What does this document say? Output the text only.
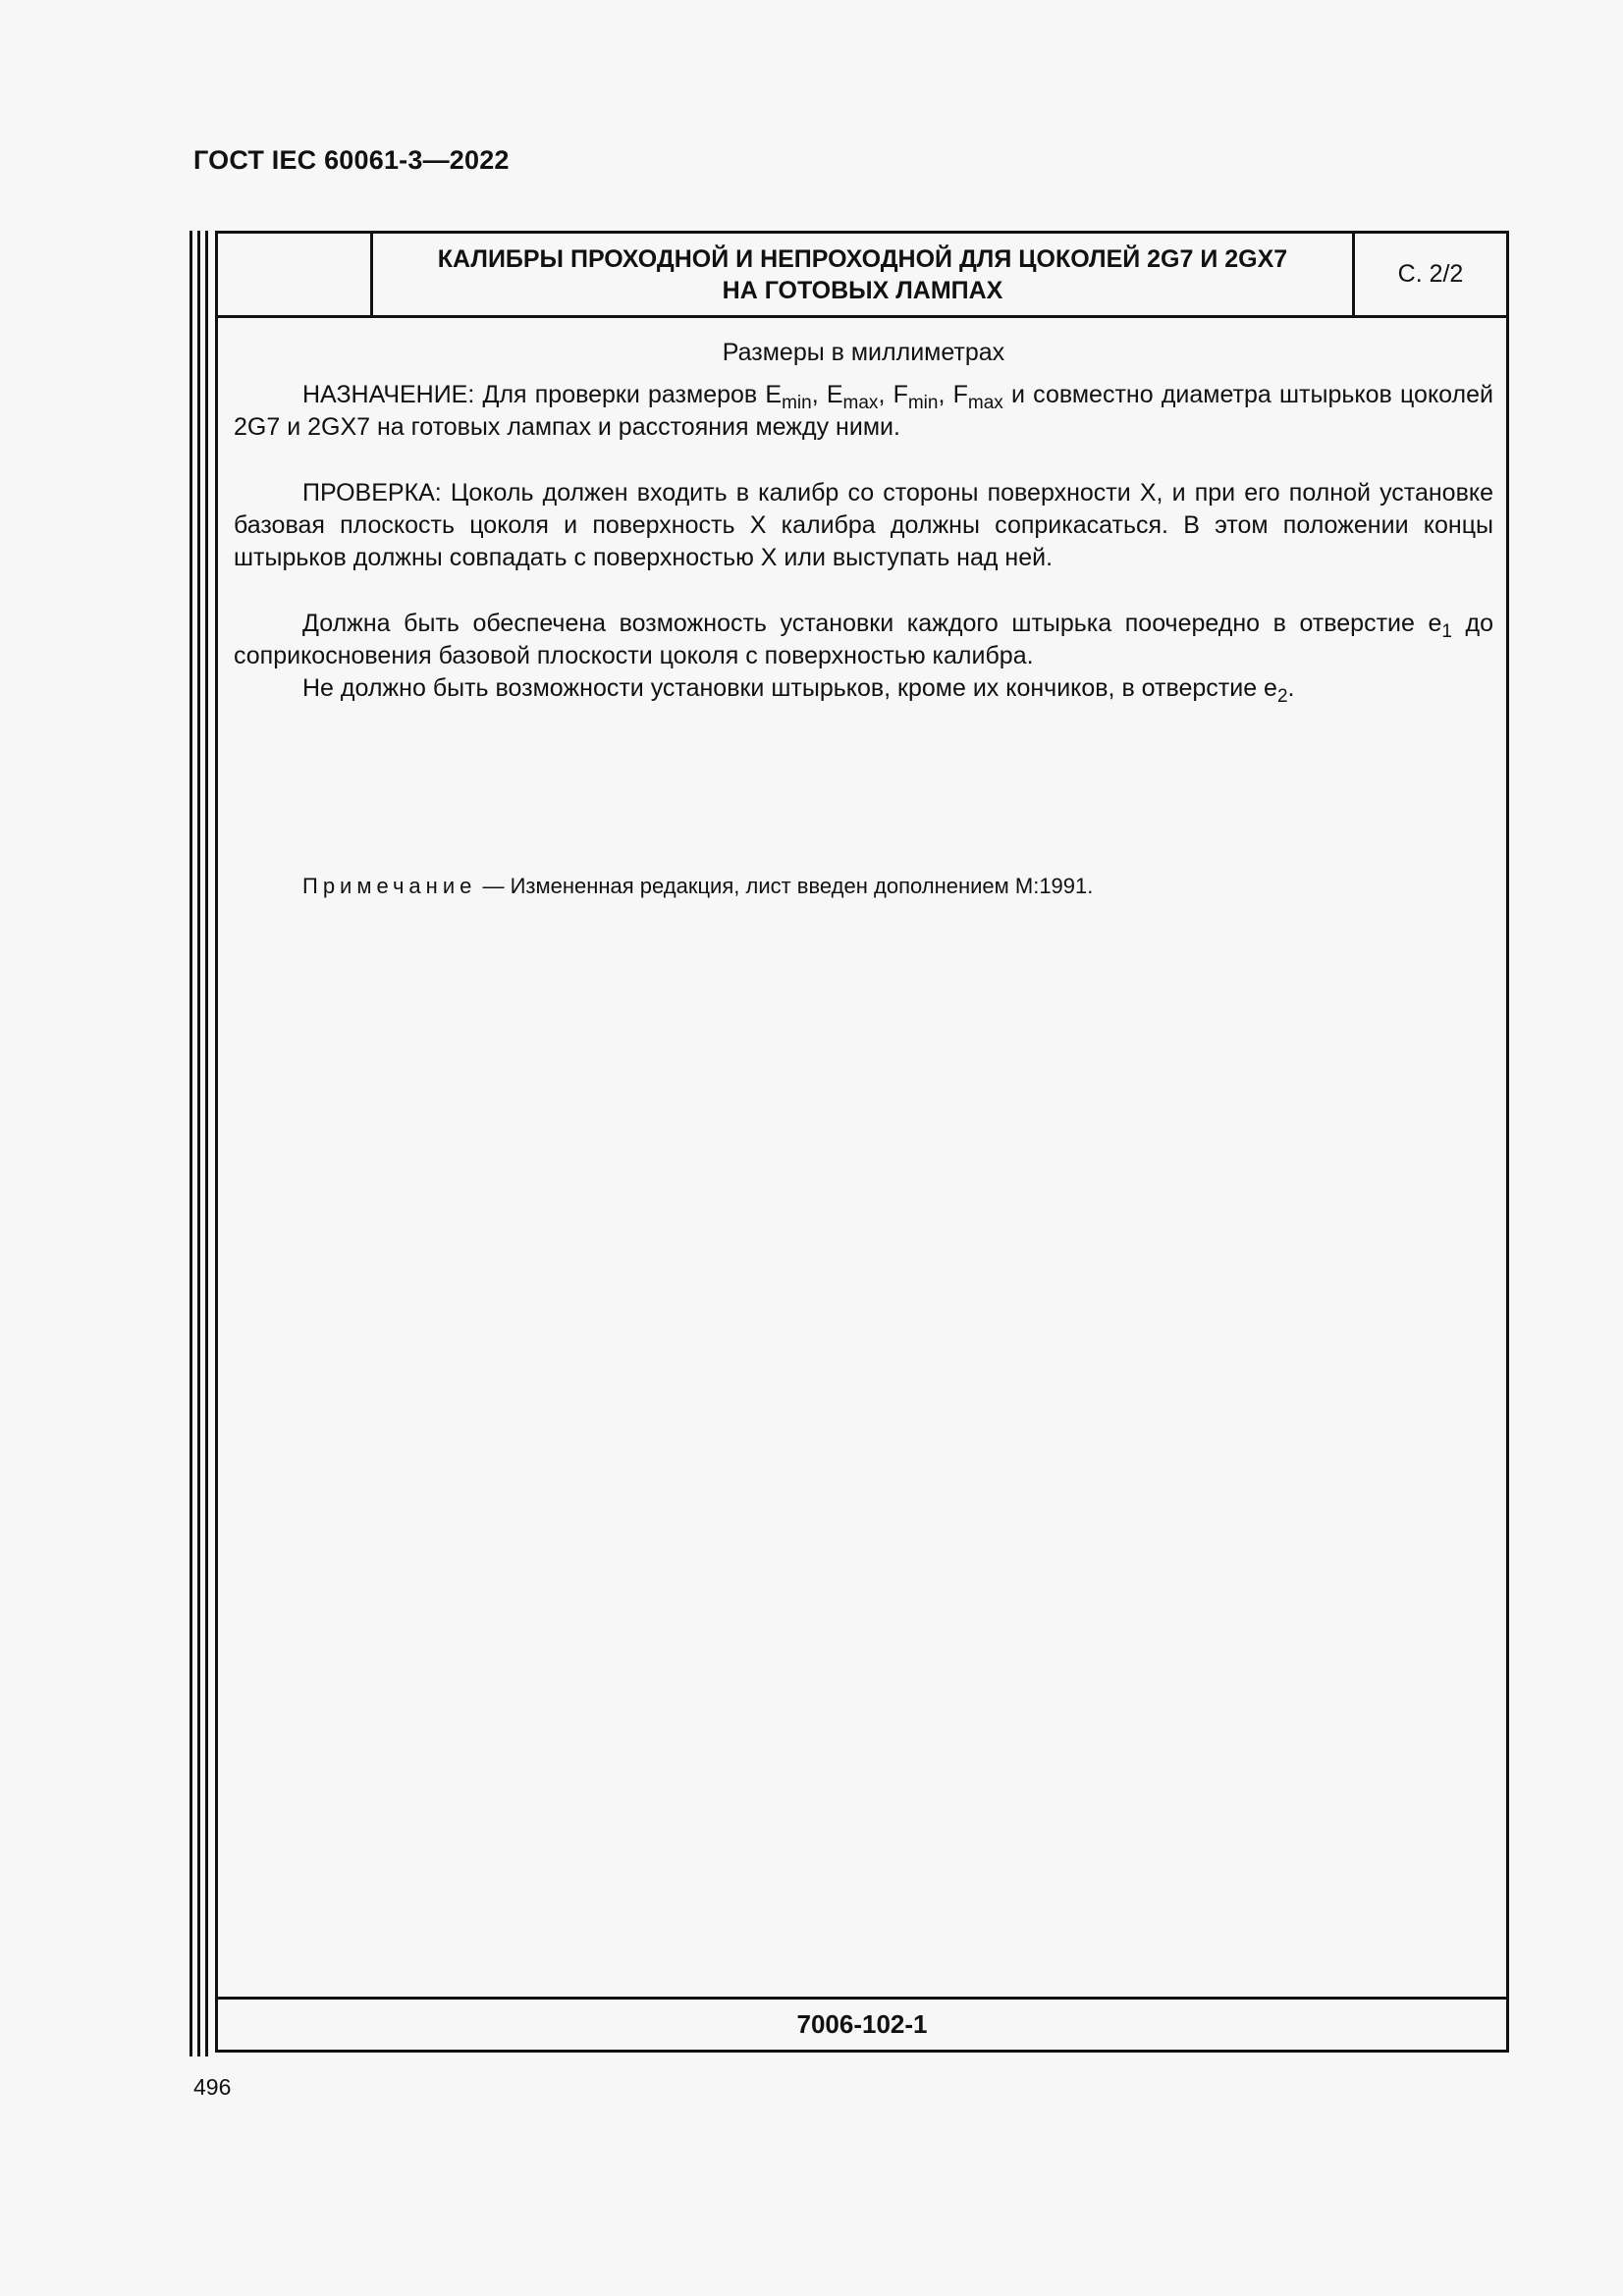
ГОСТ IEC 60061-3—2022
КАЛИБРЫ ПРОХОДНОЙ И НЕПРОХОДНОЙ ДЛЯ ЦОКОЛЕЙ 2G7 И 2GX7
НА ГОТОВЫХ ЛАМПАХ
С. 2/2
Размеры в миллиметрах

НАЗНАЧЕНИЕ: Для проверки размеров $E_{min}$, $E_{max}$, $F_{min}$, $F_{max}$ и совместно диаметра штырьков цоколей 2G7 и 2GX7 на готовых лампах и расстояния между ними.

ПРОВЕРКА: Цоколь должен входить в калибр со стороны поверхности X, и при его полной установке базовая плоскость цоколя и поверхность X калибра должны соприкасаться. В этом положении концы штырьков должны совпадать с поверхностью X или выступать над ней.

Должна быть обеспечена возможность установки каждого штырька поочередно в отверстие $e_1$ до соприкосновения базовой плоскости цоколя с поверхностью калибра.

Не должно быть возможности установки штырьков, кроме их кончиков, в отверстие $e_2$.

Примечание — Измененная редакция, лист введен дополнением M:1991.
7006-102-1
496
